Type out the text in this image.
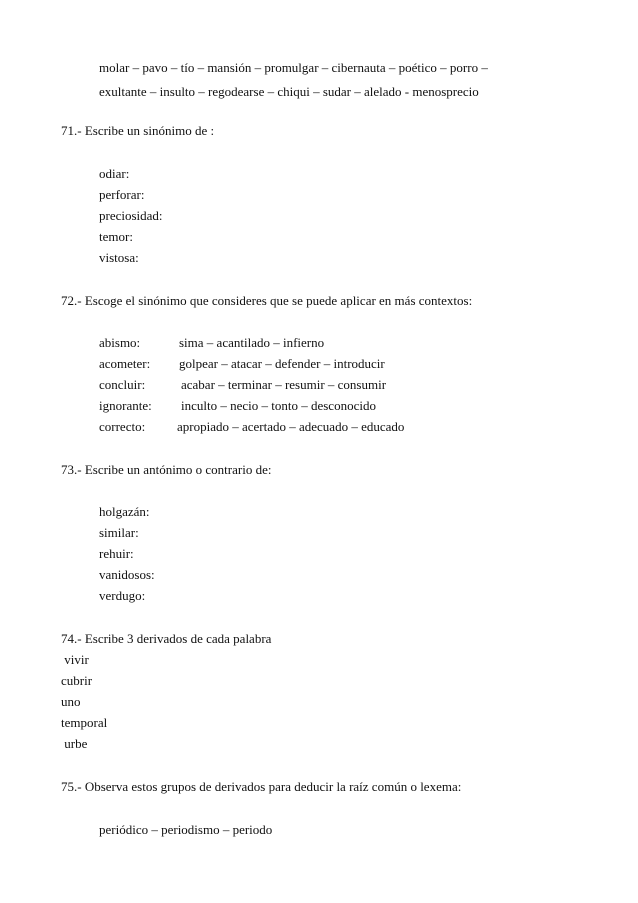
molar – pavo – tío – mansión – promulgar – cibernauta – poético – porro –
exultante – insulto – regodearse – chiqui – sudar – alelado - menosprecio
71.- Escribe un sinónimo de :
odiar:
perforar:
preciosidad:
temor:
vistosa:
72.- Escoge el sinónimo que consideres que se puede aplicar en más contextos:
abismo:	sima – acantilado – infierno
acometer: golpear – atacar – defender – introducir
concluir:	acabar – terminar – resumir – consumir
ignorante: inculto – necio – tonto – desconocido
correcto: apropiado – acertado – adecuado – educado
73.- Escribe un antónimo o contrario de:
holgazán:
similar:
rehuir:
vanidosos:
verdugo:
74.- Escribe 3 derivados de cada palabra
vivir
cubrir
uno
temporal
urbe
75.- Observa estos grupos de derivados para deducir la raíz común o lexema:
periódico – periodismo – periodo
